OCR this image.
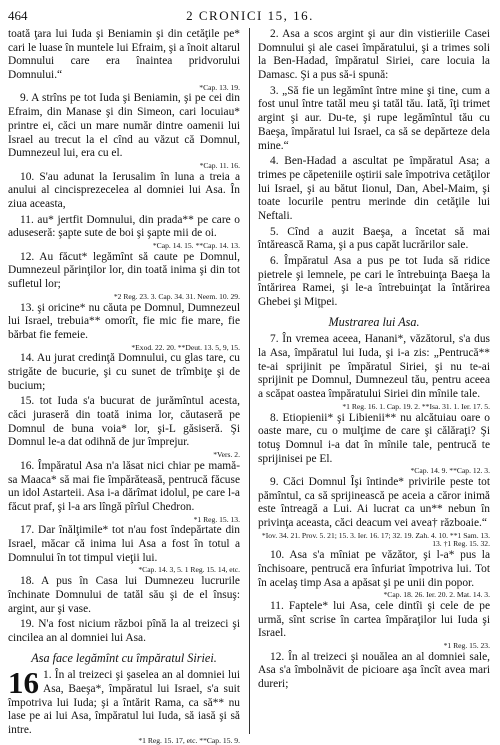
464	2 CRONICI 15, 16.

toată ţara lui Iuda şi Beniamin şi din cetăţile pe* cari le luase în muntele lui Efraim, şi a înoit altarul Domnului care era înaintea pridvorului Domnului.“

*Cap. 13. 19.

9. A strîns pe tot Iuda şi Beniamin, şi pe cei din Efraim, din Manase şi din Simeon, cari locuiau* printre ei, căci un mare număr dintre oamenii lui Israel au trecut la el cînd au văzut că Domnul, Dumnezeul lui, era cu el.

*Cap. 11. 16.

10. S'au adunat la Ierusalim în luna a treia a anului al cincisprezecelea al domniei lui Asa. În ziua aceasta,

11. au* jertfit Domnului, din prada** pe care o aduseseră: şapte sute de boi şi şapte mii de oi.

*Cap. 14. 15. **Cap. 14. 13.

12. Au făcut* legămînt să caute pe Domnul, Dumnezeul părinţilor lor, din toată inima şi din tot sufletul lor;

*2 Reg. 23. 3. Cap. 34. 31. Neem. 10. 29.

13. şi oricine* nu căuta pe Domnul, Dumnezeul lui Israel, trebuia** omorît, fie mic fie mare, fie bărbat fie femeie.

*Exod. 22. 20. **Deut. 13. 5, 9, 15.

14. Au jurat credinţă Domnului, cu glas tare, cu strigăte de bucurie, şi cu sunet de trîmbiţe şi de bucium;

15. tot Iuda s'a bucurat de jurămîntul acesta, căci juraseră din toată inima lor, căutaseră pe Domnul de buna voia* lor, şi-L găsiseră. Şi Domnul le-a dat odihnă de jur împrejur.

*Vers. 2.

16. Împăratul Asa n'a lăsat nici chiar pe mamă-sa Maaca* să mai fie împărăteasă, pentrucă făcuse un idol Astarteii. Asa i-a dărîmat idolul, pe care l-a făcut praf, şi l-a ars lîngă pîrîul Chedron.

*1 Reg. 15. 13.

17. Dar înălţimile* tot n'au fost îndepărtate din Israel, măcar că inima lui Asa a fost în totul a Domnului în tot timpul vieţii lui.

*Cap. 14. 3, 5. 1 Reg. 15. 14, etc.

18. A pus în Casa lui Dumnezeu lucrurile închinate Domnului de tatăl său şi de el însuş: argint, aur şi vase.

19. N'a fost nicium război pînă la al treizeci şi cincilea an al domniei lui Asa.

Asa face legămînt cu împăratul Siriei.
16 1. În al treizeci şi şaselea an al domniei lui Asa, Baeşa*, împăratul lui Israel, s'a suit împotriva lui Iuda; şi a întărit Rama, ca să** nu lase pe ai lui Asa, împăratul lui Iuda, să iasă şi să intre.

*1 Reg. 15. 17, etc. **Cap. 15. 9.

2. Asa a scos argint şi aur din vistieriile Casei Domnului şi ale casei împăratului, şi a trimes soli la Ben-Hadad, împăratul Siriei, care locuia la Damasc. Şi a pus să-i spună:

3. „Să fie un legămînt între mine şi tine, cum a fost unul între tatăl meu şi tatăl tău. Iată, îţi trimet argint şi aur. Du-te, şi rupe legămîntul tău cu Baeşa, împăratul lui Israel, ca să se depărteze dela mine.“

4. Ben-Hadad a ascultat pe împăratul Asa; a trimes pe căpeteniile oştirii sale împotriva cetăţilor lui Israel, şi au bătut Iionul, Dan, Abel-Maim, şi toate locurile pentru merinde din cetăţile lui Neftali.

5. Cînd a auzit Baeşa, a încetat să mai întărească Rama, şi a pus capăt lucrărilor sale.

6. Împăratul Asa a pus pe tot Iuda să ridice pietrele şi lemnele, pe cari le întrebuinţa Baeşa la întărirea Ramei, şi le-a întrebuinţat la întărirea Ghebei şi Miţpei.

Mustrarea lui Asa.

7. În vremea aceea, Hanani*, văzătorul, s'a dus la Asa, împăratul lui Iuda, şi i-a zis: „Pentrucă** te-ai sprijinit pe împăratul Siriei, şi nu te-ai sprijinit pe Domnul, Dumnezeul tău, pentru aceea a scăpat oastea împăratului Siriei din mînile tale.

*1 Reg. 16. 1. Cap. 19. 2. **Isa. 31. 1. Ier. 17. 5.

8. Etiopienii* şi Libienii** nu alcătuiau oare o oaste mare, cu o mulţime de care şi călăraţi? Şi totuş Domnul i-a dat în mînile tale, pentrucă te sprijinisei pe El.

*Cap. 14. 9. **Cap. 12. 3.

9. Căci Domnul Îşi întinde* privirile peste tot pămîntul, ca să sprijinească pe aceia a căror inimă este întreagă a Lui. Ai lucrat ca un** nebun în privinţa aceasta, căci deacum vei avea† războaie.“

*Iov. 34. 21. Prov. 5. 21; 15. 3. Ier. 16. 17; 32. 19. Zah. 4. 10. **1 Sam. 13. 13. †1 Reg. 15. 32.

10. Asa s'a mîniat pe văzător, şi l-a* pus la închisoare, pentrucă era înfuriat împotriva lui. Tot în acelaş timp Asa a apăsat şi pe unii din popor.

*Cap. 18. 26. Ier. 20. 2. Mat. 14. 3.

11. Faptele* lui Asa, cele dintîi şi cele de pe urmă, sînt scrise în cartea împăraţilor lui Iuda şi Israel.

*1 Reg. 15. 23.

12. În al treizeci şi nouălea an al domniei sale, Asa s'a îmbolnăvit de picioare aşa încît avea mari dureri;
